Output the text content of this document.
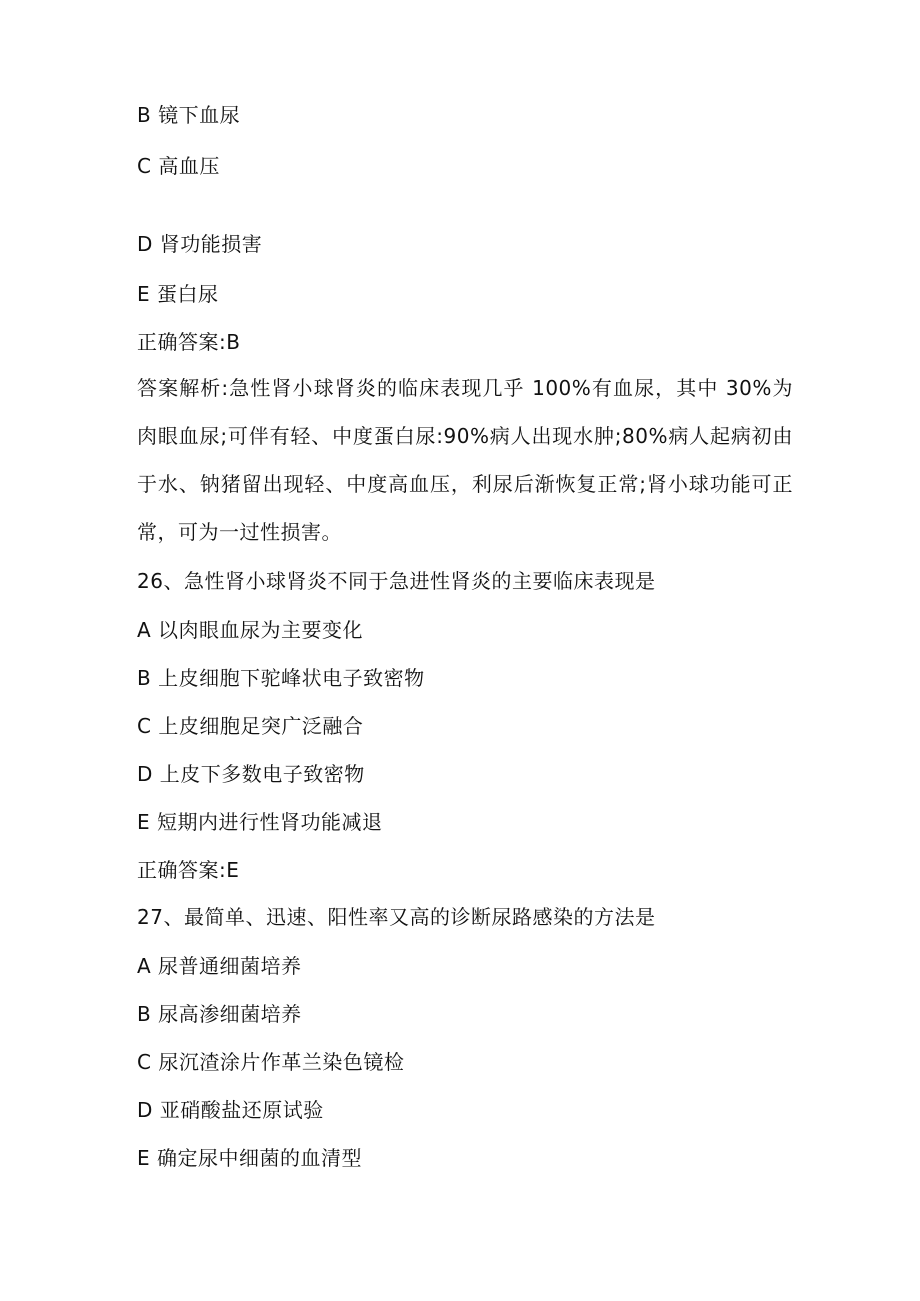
B 镜下血尿
C 高血压
D 肾功能损害
E 蛋白尿
正确答案:B
答案解析:急性肾小球肾炎的临床表现几乎 100%有血尿，其中 30%为肉眼血尿;可伴有轻、中度蛋白尿:90%病人出现水肿;80%病人起病初由于水、钠猪留出现轻、中度高血压，利尿后渐恢复正常;肾小球功能可正常，可为一过性损害。
26、急性肾小球肾炎不同于急进性肾炎的主要临床表现是
A 以肉眼血尿为主要变化
B 上皮细胞下驼峰状电子致密物
C 上皮细胞足突广泛融合
D 上皮下多数电子致密物
E 短期内进行性肾功能减退
正确答案:E
27、最简单、迅速、阳性率又高的诊断尿路感染的方法是
A 尿普通细菌培养
B 尿高渗细菌培养
C 尿沉渣涂片作革兰染色镜检
D 亚硝酸盐还原试验
E 确定尿中细菌的血清型
